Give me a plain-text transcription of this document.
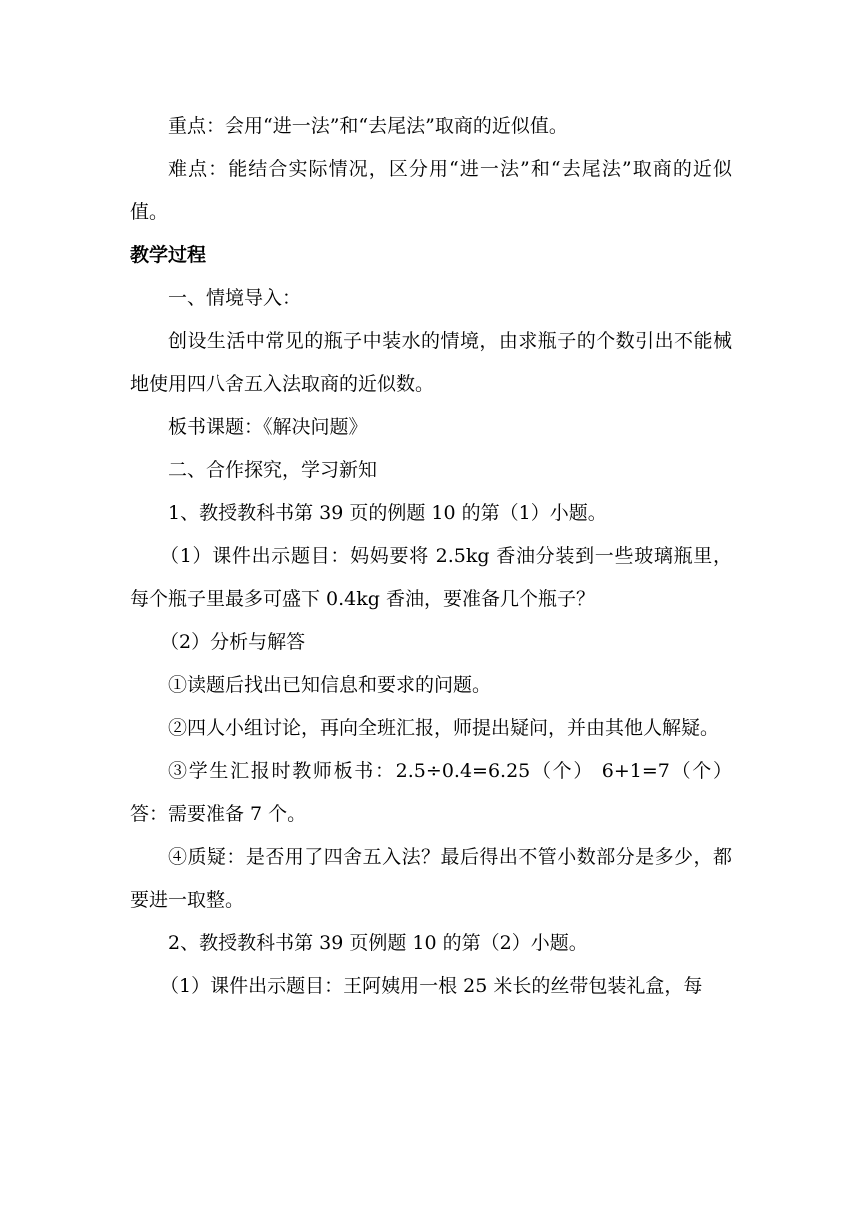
重点：会用“进一法”和“去尾法”取商的近似值。

难点：能结合实际情况，区分用“进一法”和“去尾法”取商的近似值。

教学过程

一、情境导入：

创设生活中常见的瓶子中装水的情境，由求瓶子的个数引出不能械地使用四八舍五入法取商的近似数。

板书课题：《解决问题》

二、合作探究，学习新知

1、教授教科书第 39 页的例题 10 的第（1）小题。

（1）课件出示题目：妈妈要将 2.5kg 香油分装到一些玻璃瓶里，每个瓶子里最多可盛下 0.4kg 香油，要准备几个瓶子？

（2）分析与解答

①读题后找出已知信息和要求的问题。

②四人小组讨论，再向全班汇报，师提出疑问，并由其他人解疑。

③学生汇报时教师板书：2.5÷0.4=6.25（个） 6+1=7（个） 答：需要准备 7 个。

④质疑：是否用了四舍五入法？最后得出不管小数部分是多少，都要进一取整。

2、教授教科书第 39 页例题 10 的第（2）小题。

（1）课件出示题目：王阿姨用一根 25 米长的丝带包装礼盒，每
